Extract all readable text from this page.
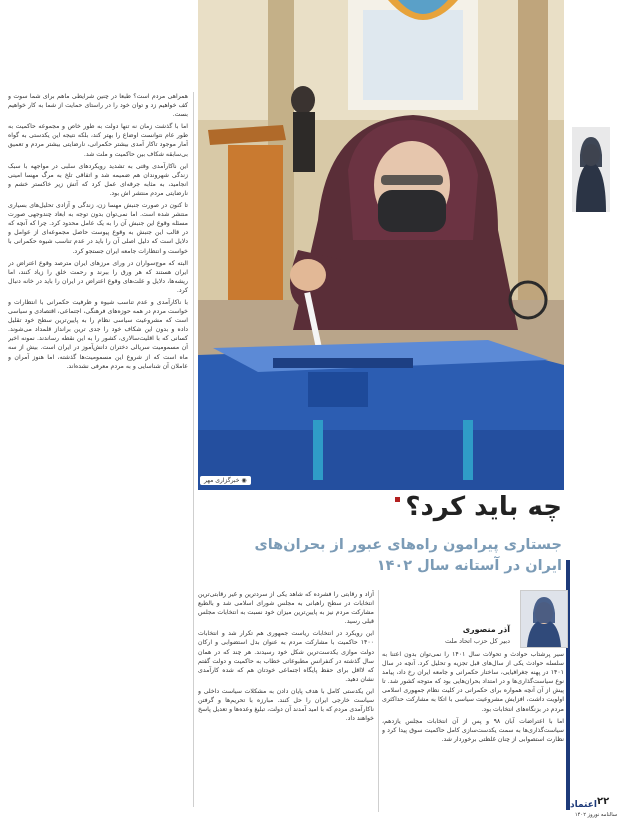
همراهی مردم است؟ طبعا در چنین شرایطی ماهم برای شما سوت و کف خواهیم زد و توان خود را در راستای حمایت از شما به کار خواهیم بست.

اما با گذشت زمان نه تنها دولت به طور خاص و مجموعه حاکمیت به طور عام نتوانست اوضاع را بهتر کند، بلکه نتیجه این یکدستی به گواه آمار موجود تاکار آمدی بیشتر حکمرانی، نارضایتی بیشتر مردم و تعمیق بی‌سابقه شکاف بین حاکمیت و ملت شد.

این ناکارآمدی وقتی به تشدید رویکردهای سلبی در مواجهه با سبک زندگی شهروندان هم ضمیمه شد و اتفاقی تلخ به مرگ مهسا امینی انجامید، به مثابه جرقه‌ای عمل کرد که آتش زیر خاکستر خشم و نارضایتی مردم منتشر اش بود.

تا کنون در صورت جنبش مهسا زن، زندگی و آزادی تحلیل‌های بسیاری منتشر شده است. اما نمی‌توان بدون توجه به ابعاد چندوجهی صورت مسئله وقوع این جنبش آن را به یک عامل محدود کرد. چرا که آنچه که در قالب این جنبش به وقوع پیوست حاصل مجموعه‌ای از عوامل و دلایل است که دلیل اصلی آن را باید در عدم تناسب شیوه حکمرانی با خواست و انتظارات جامعه ایران جستجو کرد.

البته که موج‌سواران در ورای مرزهای ایران مترصد وقوع اعتراض در ایران هستند که هر ورق را ببرند و رحمت خلق را زیاد کنند، اما ریشه‌ها، دلایل و علت‌های وقوع اعتراض در ایران را باید در خانه دنبال کرد.

با ناکارآمدی و عدم تناسب شیوه و ظرفیت حکمرانی با انتظارات و خواست مردم در همه حوزه‌های فرهنگی، اجتماعی، اقتصادی و سیاسی است که مشروعیت سیاسی نظام را به پایین‌ترین سطح خود تقلیل داده و بدون این شکاف خود را جدی ترین برانداز قلمداد می‌شوند. کسانی که با اقلیت‌سالاری، کشور را به این نقطه رساندند. نمونه اخیر آن مسمومیت سریالی دختران دانش‌آموز در ایران است. بیش از سه ماه است که از شروع این مسمومیت‌ها گذشته، اما هنوز آمران و عاملان آن شناسایی و به مردم معرفی نشده‌اند.

◉ خبرگزاری مهر
چه باید کرد؟
جستاری پیرامون راه‌های عبور از بحران‌های ایران در آستانه سال ۱۴۰۲
آذر منصوری
دبیر کل حزب اتحاد ملت

آزاد و رقابتی را فشرده که شاهد یکی از سردترین و غیر رقابتی‌ترین انتخابات در سطح راهبانی به مجلس شورای اسلامی شد و بالطبع مشارکت مردم نیز به پایین‌ترین میزان خود نسبت به انتخابات مجلس قبلی رسید.

این رویکرد در انتخابات ریاست جمهوری هم تکرار شد و انتخابات ۱۴۰۰ حاکمیت با مشارکت مردم به عنوان بدل استضوابی و ارکان دولت موازی یکدست‌ترین شکل خود رسیدند. هر چند که در همان سال گذشته در کنفرانس مطبوعاتی خطاب به حاکمیت و دولت گفتم که لااقل برای حفظ پایگاه اجتماعی خودتان هم که شده کارآمدی نشان دهید.

این یکدستی کامل با هدف پایان دادن به مشکلات سیاست داخلی و سیاست خارجی ایران را حل کنند. مبارزه با تحریم‌ها و گرفتن ناکارآمدی مردم که با امید آمدند آن دولت، تبلیغ وعده‌ها و تعدیل پاسخ خواهند داد.

سیر پرشتاب حوادث و تحولات سال ۱۴۰۱ را نمی‌توان بدون اعتنا به سلسله حوادث یکی از سال‌های قبل تجزیه و تحلیل کرد. آنچه در سال ۱۴۰۱ در پهنه جغرافیایی، ساختار حکمرانی و جامعه ایران رخ داد، پیامد نوع سیاست‌گذاری‌ها و در امتداد بحران‌هایی بود که متوجه کشور شد. تا پیش از آن آنچه همواره برای حکمرانی در کلیت نظام جمهوری اسلامی اولویت داشت، افزایش مشروعیت سیاسی با اتکا به مشارکت حداکثری مردم در بزنگاه‌های انتخابات بود.

اما با اعتراضات آبان ۹۸ و پس از آن انتخابات مجلس یازدهم، سیاست‌گذاری‌ها به سمت یکدست‌سازی کامل حاکمیت سوق پیدا کرد و نظارت استصوابی از چنان غلظتی برخوردار شد.

۲۲
اعتماد
سالنامه نوروز ۱۴۰۲
